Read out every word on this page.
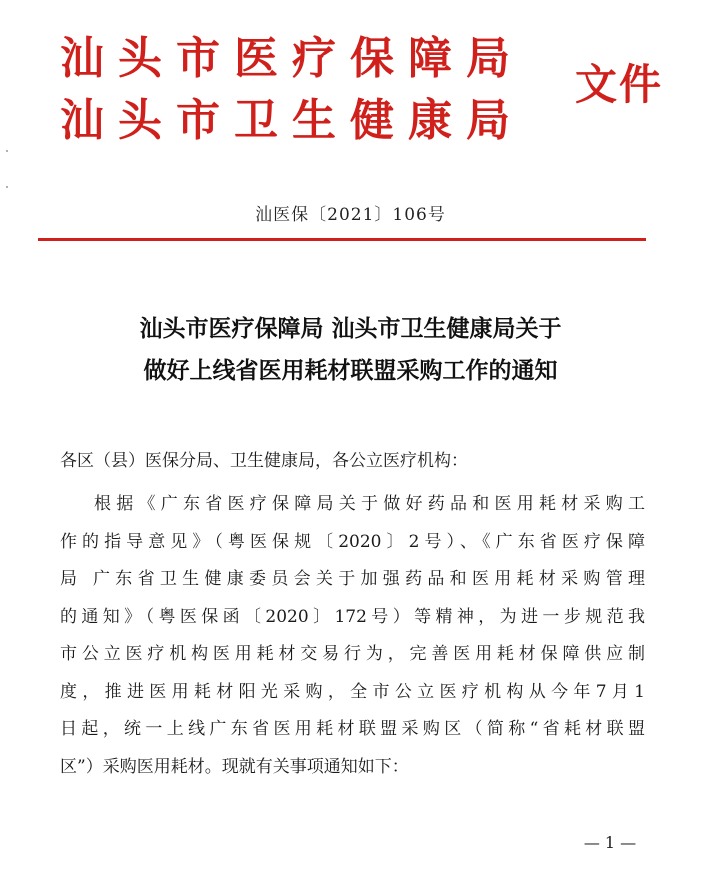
汕头市医疗保障局
汕头市卫生健康局
文件
汕医保〔2021〕106号
汕头市医疗保障局 汕头市卫生健康局关于
做好上线省医用耗材联盟采购工作的通知
各区（县）医保分局、卫生健康局，各公立医疗机构：
根据《广东省医疗保障局关于做好药品和医用耗材采购工
作的指导意见》（粤医保规〔2020〕2号）、《广东省医疗保障
局 广东省卫生健康委员会关于加强药品和医用耗材采购管理
的通知》（粤医保函〔2020〕172号）等精神，为进一步规范我
市公立医疗机构医用耗材交易行为，完善医用耗材保障供应制
度，推进医用耗材阳光采购，全市公立医疗机构从今年7月1
日起，统一上线广东省医用耗材联盟采购区（简称“省耗材联盟
区”）采购医用耗材。现就有关事项通知如下：
— 1 —
